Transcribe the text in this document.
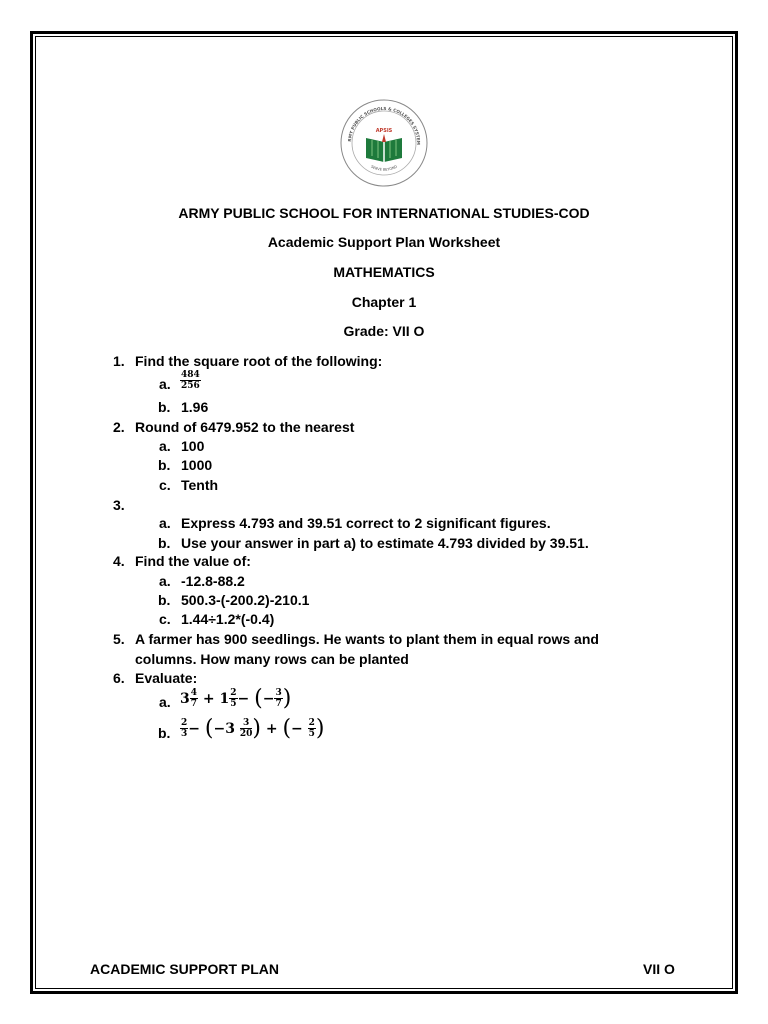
RMY PUBLIC SCHOOLS & COLLEGES SYSTEM
SERVE BEYOND
APSIS
ARMY PUBLIC SCHOOL FOR INTERNATIONAL STUDIES-COD
Academic Support Plan Worksheet
MATHEMATICS
Chapter 1
Grade: VII O
1. Find the square root of the following:
a. $\frac{484}{256}$
b. 1.96
2. Round of 6479.952 to the nearest
a. 100
b. 1000
c. Tenth
3.
a. Express 4.793 and 39.51 correct to 2 significant figures.
b. Use your answer in part a) to estimate 4.793 divided by 39.51.
4. Find the value of:
a. -12.8-88.2
b. 500.3-(-200.2)-210.1
c. 1.44÷1.2*(-0.4)
5. A farmer has 900 seedlings. He wants to plant them in equal rows and
columns. How many rows can be planted
6. Evaluate:
a. $3 \frac{4}{7} + 1 \frac{2}{5}$ − (− $\frac{3}{7}$ )
b. $\frac{2}{3} - (-3 \frac{3}{20}$ ) + (− $\frac{2}{5}$ )
ACADEMIC SUPPORT PLAN	VII O
